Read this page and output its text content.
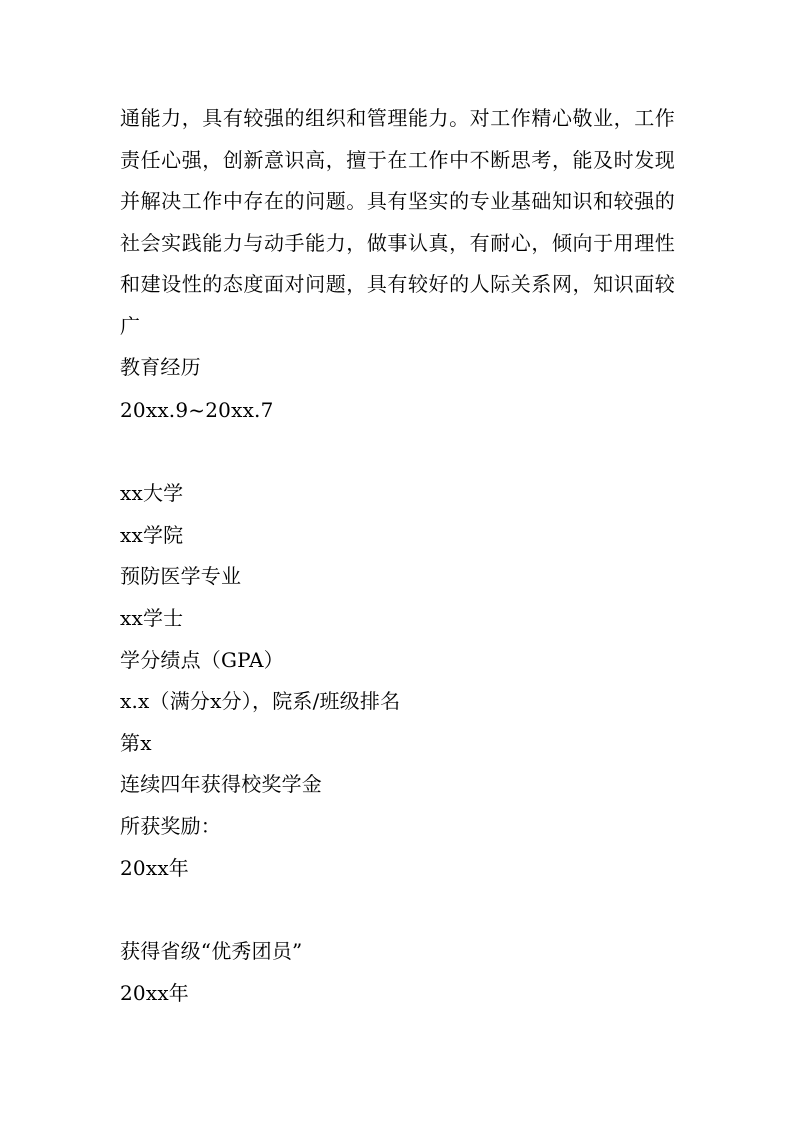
通能力，具有较强的组织和管理能力。对工作精心敬业，工作责任心强，创新意识高，擅于在工作中不断思考，能及时发现并解决工作中存在的问题。具有坚实的专业基础知识和较强的社会实践能力与动手能力，做事认真，有耐心，倾向于用理性和建设性的态度面对问题，具有较好的人际关系网，知识面较广
教育经历
20xx.9~20xx.7
xx大学
xx学院
预防医学专业
xx学士
学分绩点（GPA）
x.x（满分x分），院系/班级排名
第x
连续四年获得校奖学金
所获奖励：
20xx年
获得省级“优秀团员”
20xx年
